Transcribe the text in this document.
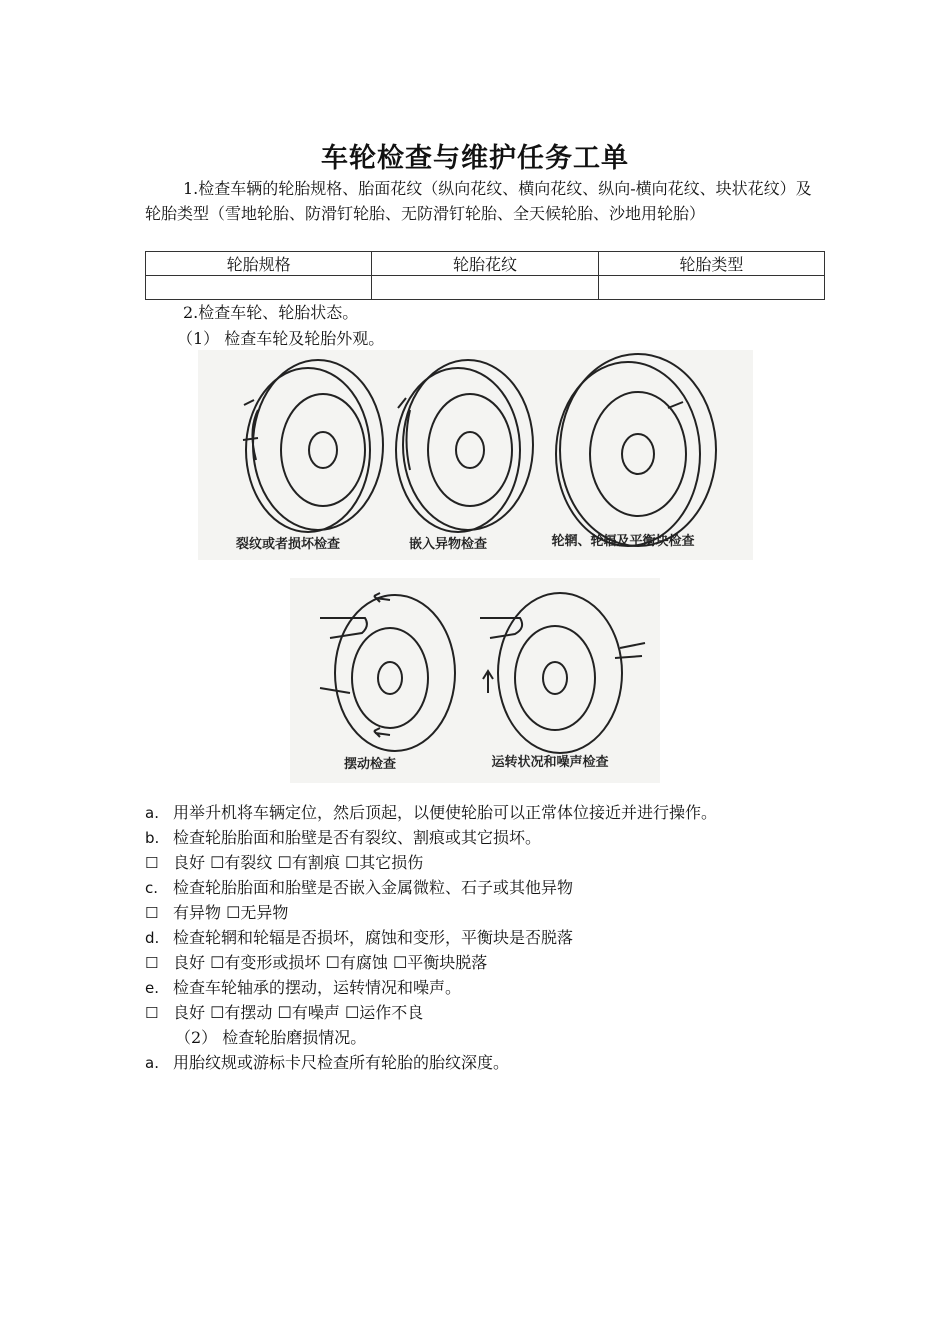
车轮检查与维护任务工单
1.检查车辆的轮胎规格、胎面花纹（纵向花纹、横向花纹、纵向-横向花纹、块状花纹）及轮胎类型（雪地轮胎、防滑钉轮胎、无防滑钉轮胎、全天候轮胎、沙地用轮胎）
轮胎规格	轮胎花纹	轮胎类型

2.检查车轮、轮胎状态。
（1） 检查车轮及轮胎外观。
裂纹或者损坏检查	嵌入异物检查	轮辋、轮辐及平衡块检查
摆动检查	运转状况和噪声检查
a. 用举升机将车辆定位，然后顶起，以便使轮胎可以正常体位接近并进行操作。
b. 检查轮胎胎面和胎壁是否有裂纹、割痕或其它损坏。
☐ 良好 ☐有裂纹 ☐有割痕 ☐其它损伤
c. 检查轮胎胎面和胎壁是否嵌入金属微粒、石子或其他异物
☐ 有异物 ☐无异物
d. 检查轮辋和轮辐是否损坏，腐蚀和变形，平衡块是否脱落
☐ 良好 ☐有变形或损坏 ☐有腐蚀 ☐平衡块脱落
e. 检查车轮轴承的摆动，运转情况和噪声。
☐ 良好 ☐有摆动 ☐有噪声 ☐运作不良
（2） 检查轮胎磨损情况。
a. 用胎纹规或游标卡尺检查所有轮胎的胎纹深度。
